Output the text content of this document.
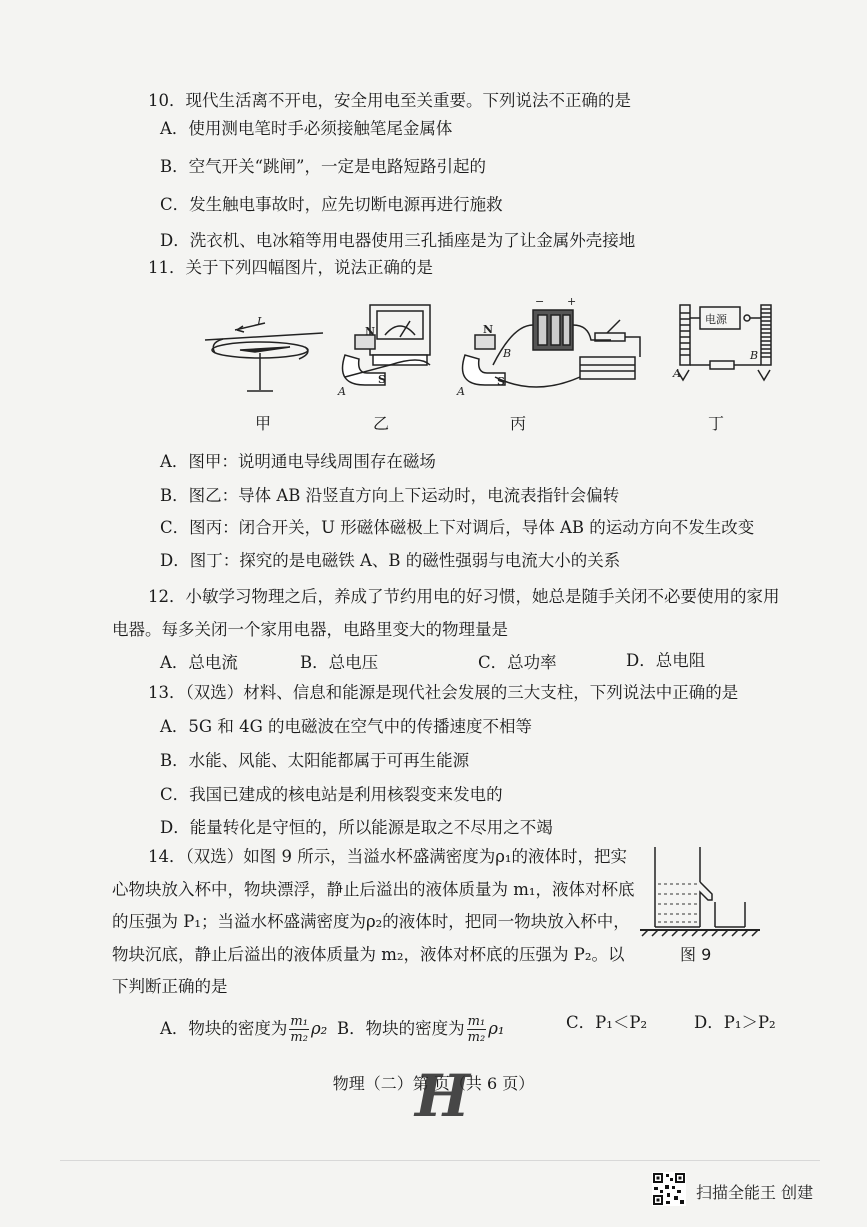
10．现代生活离不开电，安全用电至关重要。下列说法不正确的是
A．使用测电笔时手必须接触笔尾金属体
B．空气开关“跳闸”，一定是电路短路引起的
C．发生触电事故时，应先切断电源再进行施救
D．洗衣机、电冰箱等用电器使用三孔插座是为了让金属外壳接地
11．关于下列四幅图片，说法正确的是
I
N
S
A
N
S
A
B
− +
电源
A
B
甲	乙	丙	丁
A．图甲：说明通电导线周围存在磁场
B．图乙：导体 AB 沿竖直方向上下运动时，电流表指针会偏转
C．图丙：闭合开关，U 形磁体磁极上下对调后，导体 AB 的运动方向不发生改变
D．图丁：探究的是电磁铁 A、B 的磁性强弱与电流大小的关系
12．小敏学习物理之后，养成了节约用电的好习惯，她总是随手关闭不必要使用的家用
电器。每多关闭一个家用电器，电路里变大的物理量是
A．总电流	B．总电压	C．总功率	D．总电阻
13．（双选）材料、信息和能源是现代社会发展的三大支柱，下列说法中正确的是
A．5G 和 4G 的电磁波在空气中的传播速度不相等
B．水能、风能、太阳能都属于可再生能源
C．我国已建成的核电站是利用核裂变来发电的
D．能量转化是守恒的，所以能源是取之不尽用之不竭
14．（双选）如图 9 所示，当溢水杯盛满密度为ρ₁的液体时，把实
心物块放入杯中，物块漂浮，静止后溢出的液体质量为 m₁，液体对杯底
的压强为 P₁；当溢水杯盛满密度为ρ₂的液体时，把同一物块放入杯中，
物块沉底，静止后溢出的液体质量为 m₂，液体对杯底的压强为 P₂。以
下判断正确的是
图 9
A．物块的密度为 $\frac{\text{m₁}}{\text{m₂}} \rho_2$ B．物块的密度为 $\frac{\text{m₁}}{\text{m₂}} \rho_1$	C．P₁＜P₂	D．P₁＞P₂
物理（二）第 页（共 6 页）
H
扫描全能王 创建
